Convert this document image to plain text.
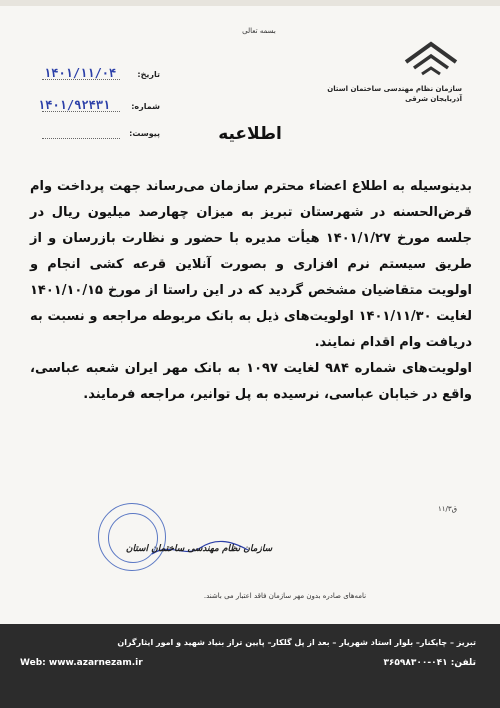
بسمه تعالی
سازمان نظام مهندسی ساختمان استان
آذربایجان شرقی
تاریخ:
۱۴۰۱/۱۱/۰۴
شماره:
۱۴۰۱/۹۲۴۳۱
پیوست:	اطلاعیه

بدینوسیله به اطلاع اعضاء محترم سازمان می‌رساند جهت پرداخت وام قرض‌الحسنه در شهرستان تبریز به میزان چهارصد میلیون ریال در جلسه مورخ ۱۴۰۱/۱/۲۷ هیأت مدیره با حضور و نظارت بازرسان و از طریق سیستم نرم افزاری و بصورت آنلاین قرعه کشی انجام و اولویت متقاضیان مشخص گردید که در این راستا از مورخ ۱۴۰۱/۱۰/۱۵ لغایت ۱۴۰۱/۱۱/۳۰ اولویت‌های ذیل به بانک مربوطه مراجعه و نسبت به دریافت وام اقدام نمایند.

اولویت‌های شماره ۹۸۴ لغایت ۱۰۹۷ به بانک مهر ایران شعبه عباسی، واقع در خیابان عباسی، نرسیده به پل توانیر، مراجعه فرمایند.

ق۱۱/۳
سازمان نظام مهندسی ساختمان استان
نامه‌های صادره بدون مهر سازمان فاقد اعتبار می باشند.
تبریز – چایکنار– بلوار استاد شهریار – بعد از پل گلکار– پایین تراز بنیاد شهید و امور ایثارگران
Web: www.azarnezam.ir	تلفن: ۰۴۱-۳۶۵۹۸۳۰۰
